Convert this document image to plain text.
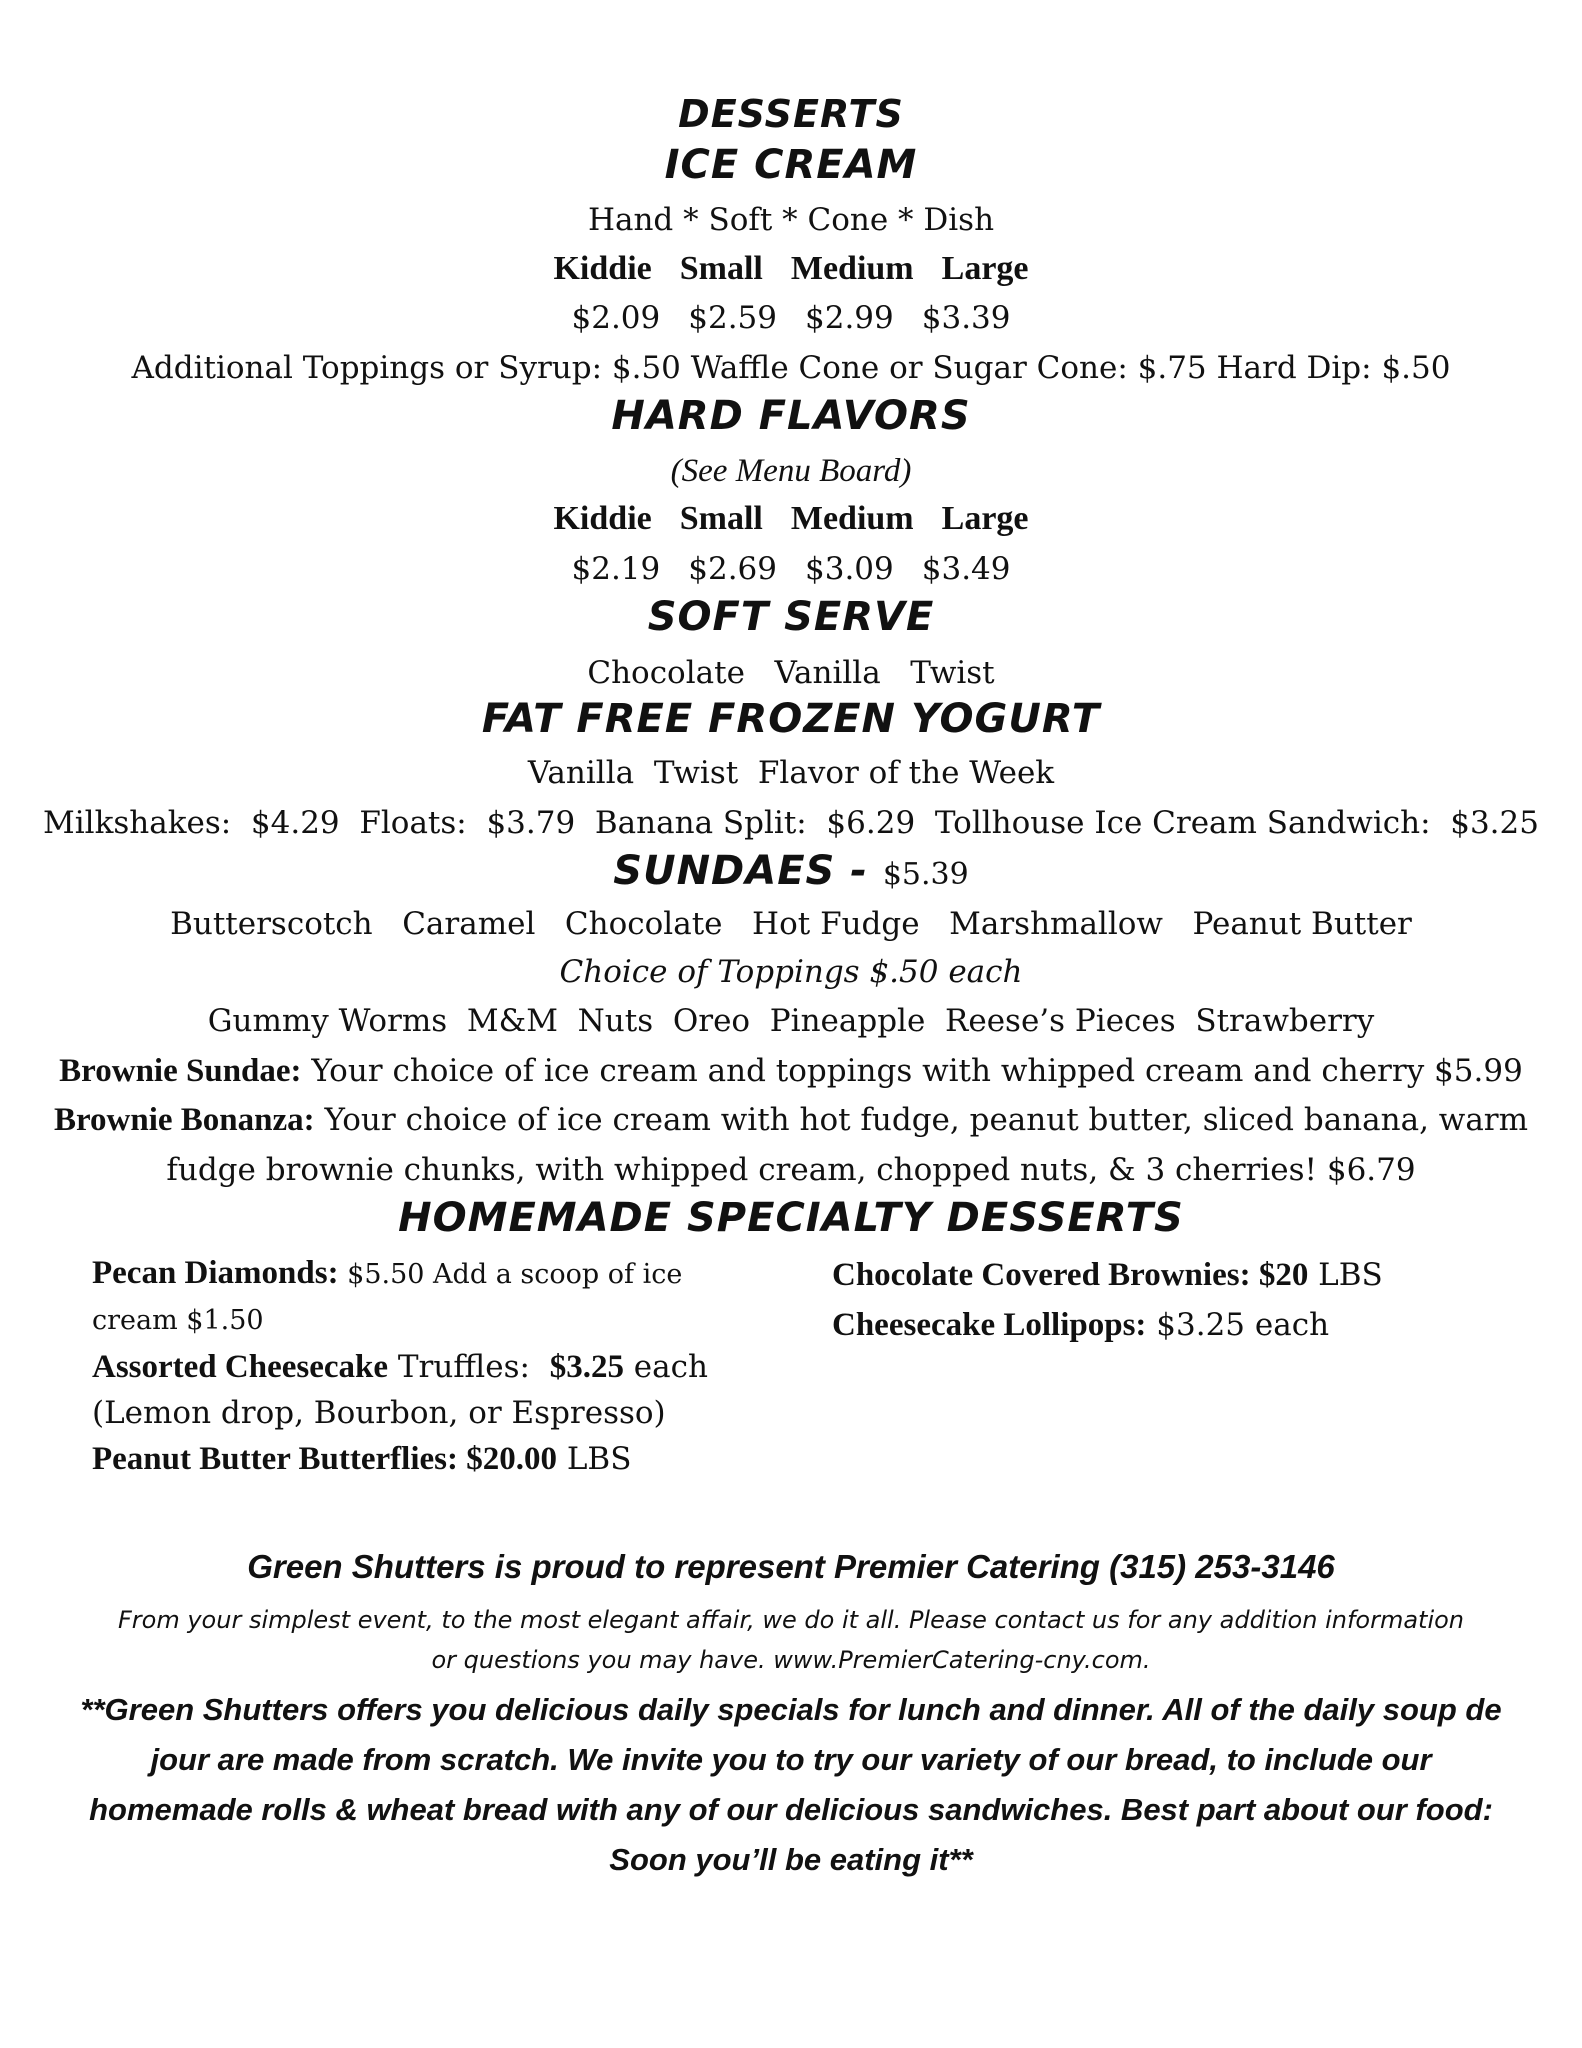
DESSERTS
ICE CREAM
Hand * Soft * Cone * Dish
Kiddie Small Medium Large
$2.09 $2.59 $2.99 $3.39
Additional Toppings or Syrup: $.50 Waffle Cone or Sugar Cone: $.75 Hard Dip: $.50
HARD FLAVORS
(See Menu Board)
Kiddie Small Medium Large
$2.19 $2.69 $3.09 $3.49
SOFT SERVE
Chocolate   Vanilla   Twist
FAT FREE FROZEN YOGURT
Vanilla  Twist  Flavor of the Week
Milkshakes:  $4.29  Floats:  $3.79  Banana Split:  $6.29  Tollhouse Ice Cream Sandwich:  $3.25
SUNDAES - $5.39
Butterscotch   Caramel   Chocolate   Hot Fudge   Marshmallow   Peanut Butter
Choice of Toppings $.50 each
Gummy Worms  M&M  Nuts  Oreo  Pineapple  Reese’s Pieces  Strawberry
Brownie Sundae: Your choice of ice cream and toppings with whipped cream and cherry $5.99
Brownie Bonanza: Your choice of ice cream with hot fudge, peanut butter, sliced banana, warm
fudge brownie chunks, with whipped cream, chopped nuts, & 3 cherries! $6.79
HOMEMADE SPECIALTY DESSERTS
Pecan Diamonds: $5.50 Add a scoop of ice
cream $1.50
Assorted Cheesecake Truffles:  $3.25 each
(Lemon drop, Bourbon, or Espresso)
Peanut Butter Butterflies: $20.00 LBS
Chocolate Covered Brownies: $20 LBS
Cheesecake Lollipops: $3.25 each
Green Shutters is proud to represent Premier Catering (315) 253-3146
From your simplest event, to the most elegant affair, we do it all. Please contact us for any addition information
or questions you may have. www.PremierCatering-cny.com.
**Green Shutters offers you delicious daily specials for lunch and dinner. All of the daily soup de
jour are made from scratch. We invite you to try our variety of our bread, to include our
homemade rolls & wheat bread with any of our delicious sandwiches. Best part about our food:
Soon you’ll be eating it**
